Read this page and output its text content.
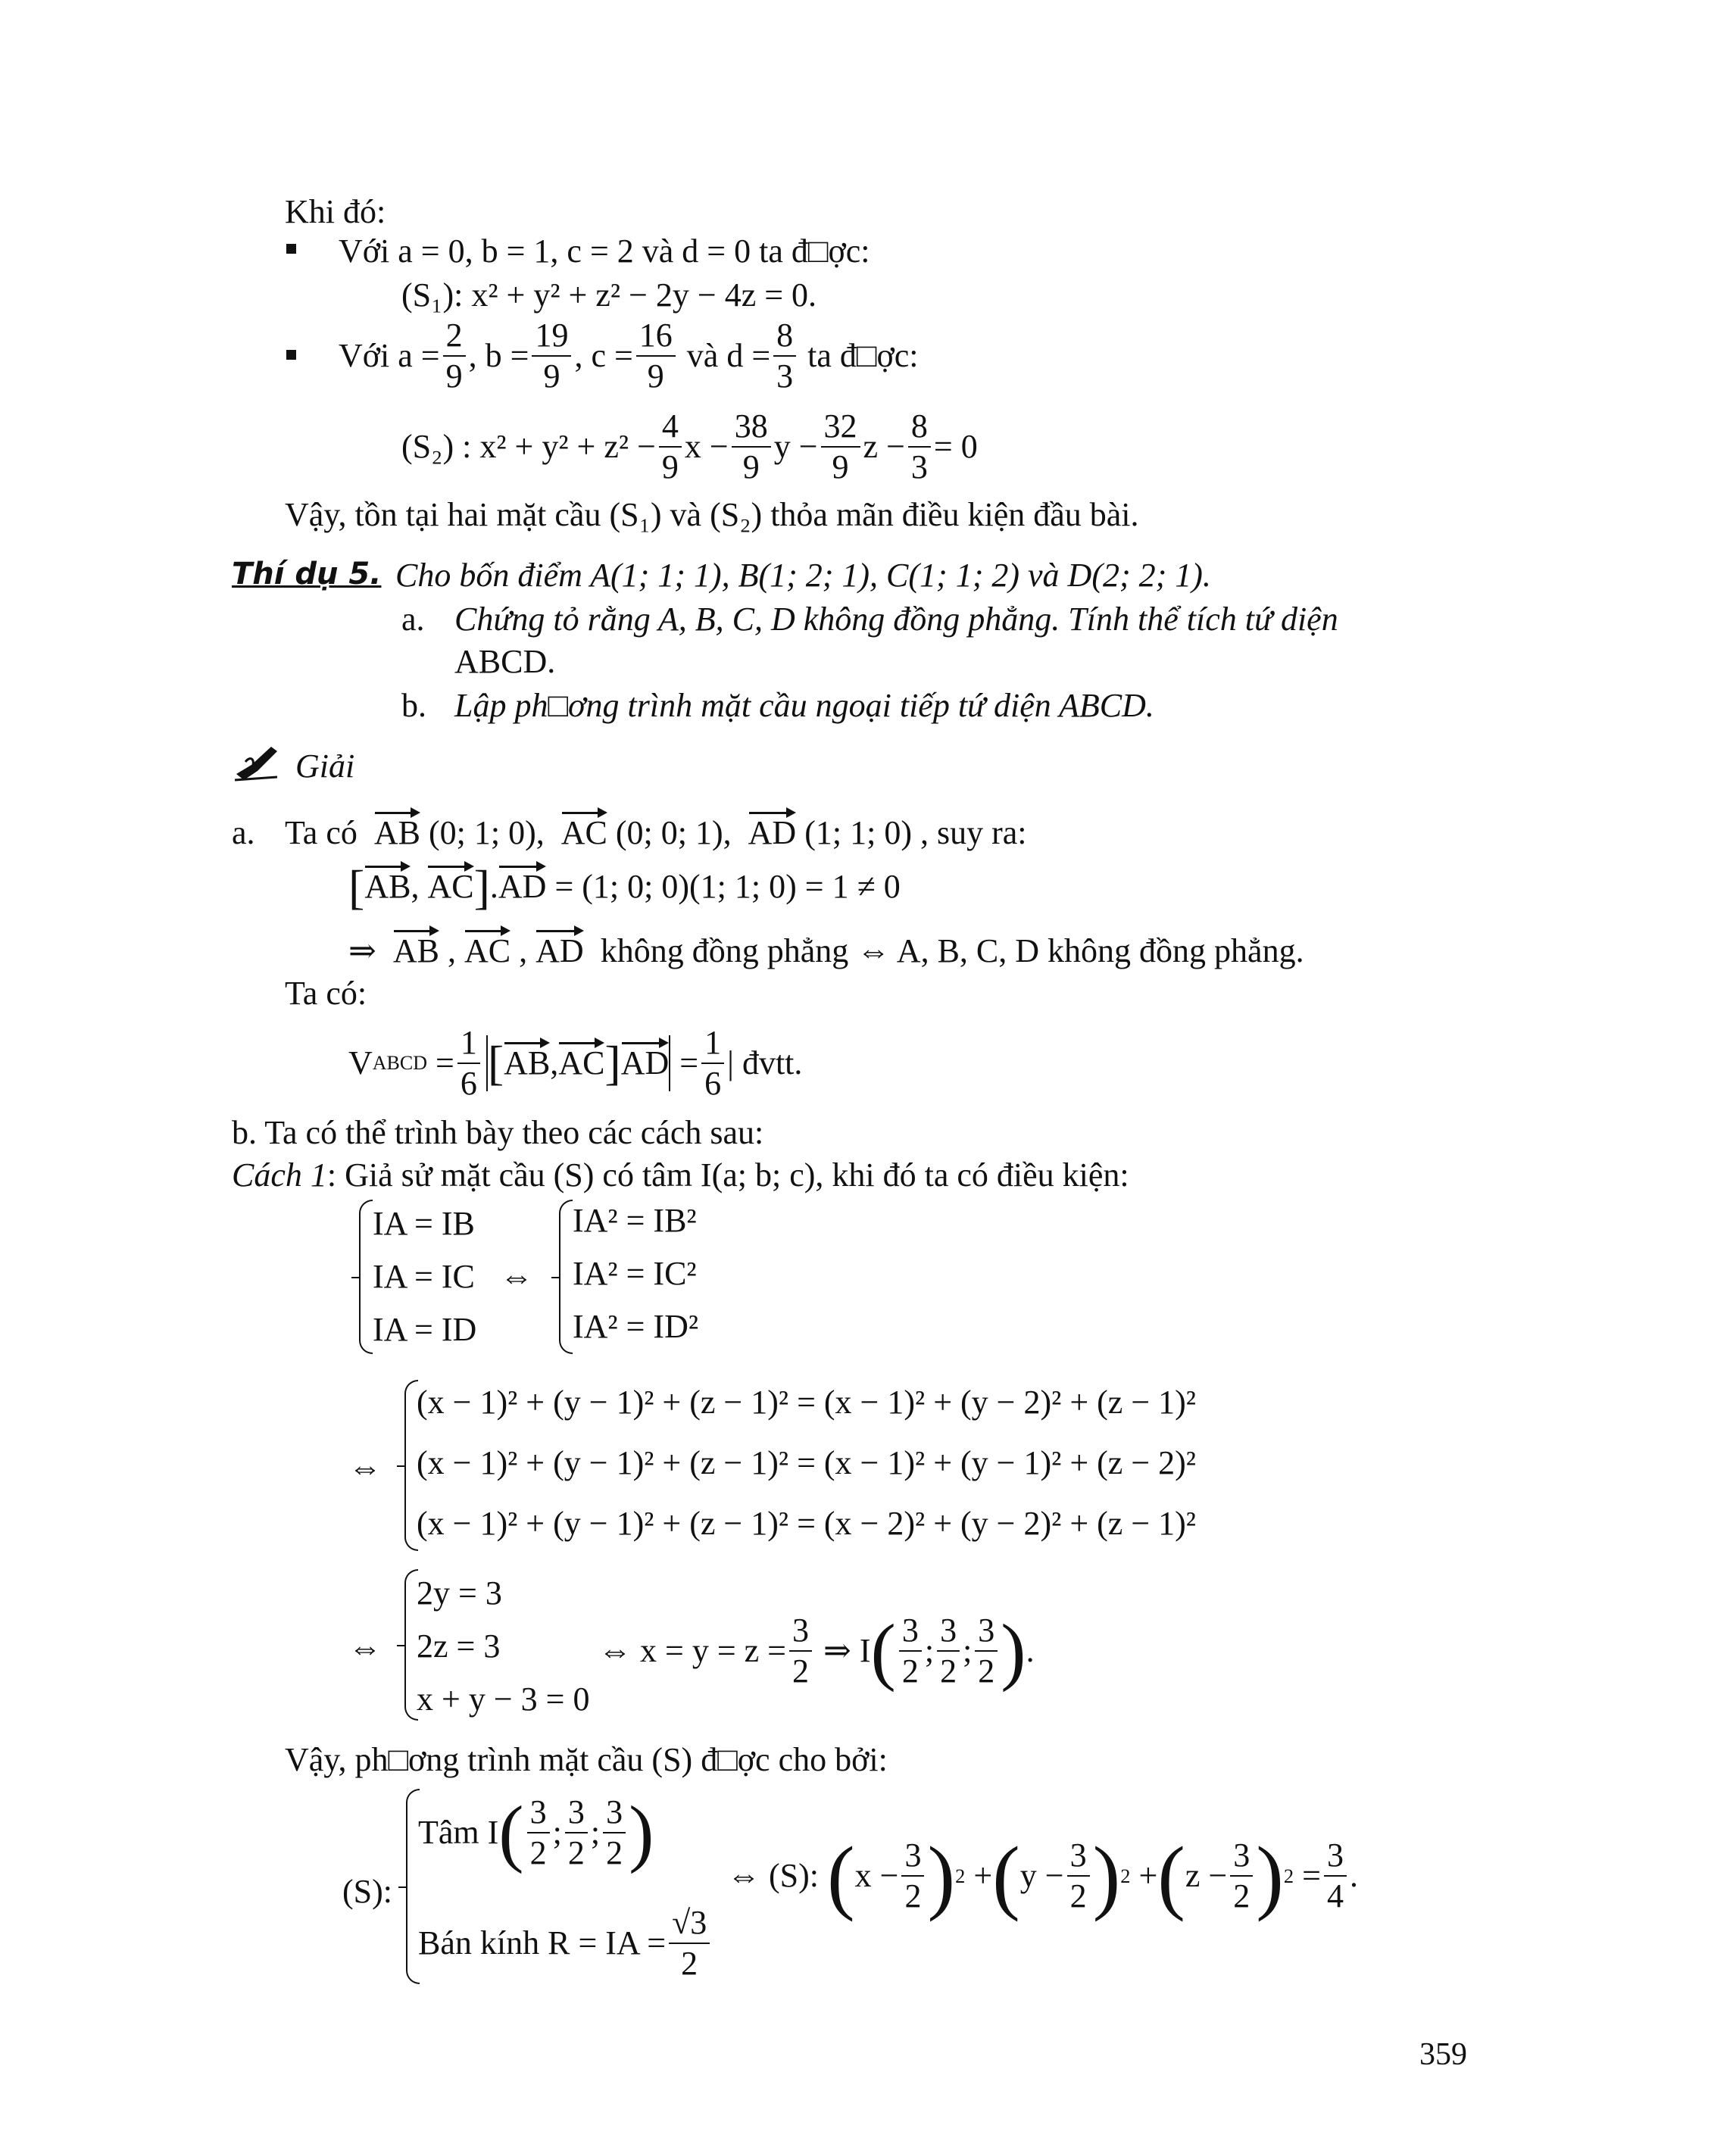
Khi đó:
Với a = 0, b = 1, c = 2 và d = 0 ta đ□ợc:
(S₁): x² + y² + z² − 2y − 4z = 0.
Với
$a = \frac{2}{9}$ , $b = \frac{19}{9}$ , $c = \frac{16}{9}$
và $d = \frac{8}{3}$
ta đ□ợc:
(S₂) : $x^2 + y^2 + z^2 - \frac{4}{9}$ $x - \frac{38}{9}$ $y - \frac{32}{9}$ $z - \frac{8}{3} = 0$
Vậy, tồn tại hai mặt cầu (S₁) và (S₂) thỏa mãn điều kiện đầu bài.
Thí dụ 5. Cho bốn điểm A(1; 1; 1), B(1; 2; 1), C(1; 1; 2) và D(2; 2; 1).
a. Chứng tỏ rằng A, B, C, D không đồng phẳng. Tính thể tích tứ diện
ABCD.
b. Lập ph□ơng trình mặt cầu ngoại tiếp tứ diện ABCD.
Giải
a. Ta có AB (0; 1; 0), AC (0; 0; 1), AD (1; 1; 0) , suy ra:
[AB, AC].AD = (1; 0; 0)(1; 1; 0) = 1 ≠ 0
⇒ AB , AC , AD không đồng phẳng ⇔ A, B, C, D không đồng phẳng.
Ta có:
V ABCD
= $\frac{1}{6}$ [ AB , AC ] AD = $\frac{1}{6}$ |
đvtt.
b. Ta có thể trình bày theo các cách sau:
Cách 1: Giả sử mặt cầu (S) có tâm I(a; b; c), khi đó ta có điều kiện:
IA = IB
IA = IC
IA = ID
⇔
IA² = IB²
IA² = IC²
IA² = ID²
⇔
(x − 1)² + (y − 1)² + (z − 1)² = (x − 1)² + (y − 2)² + (z − 1)²
(x − 1)² + (y − 1)² + (z − 1)² = (x − 1)² + (y − 1)² + (z − 2)²
(x − 1)² + (y − 1)² + (z − 1)² = (x − 2)² + (y − 2)² + (z − 1)²
⇔
2y = 3
2z = 3
x + y − 3 = 0
⇔ $x = y = z = \frac{3}{2}$
⇒ I ( $\frac{3}{2}$ ; $\frac{3}{2}$ ; $\frac{3}{2}$ ) .
Vậy, ph□ơng trình mặt cầu (S) đ□ợc cho bởi:
(S):
Tâm I ( $\frac{3}{2}$ ; $\frac{3}{2}$ ; $\frac{3}{2}$ )
Bán kính R = IA = $\frac{√3}{2}$
⇔ (S):
( $x - \frac{3}{2}$ ) 2 + ( $y - \frac{3}{2}$ ) 2 + ( $z - \frac{3}{2}$ ) 2
= $\frac{3}{4}$ .
359
